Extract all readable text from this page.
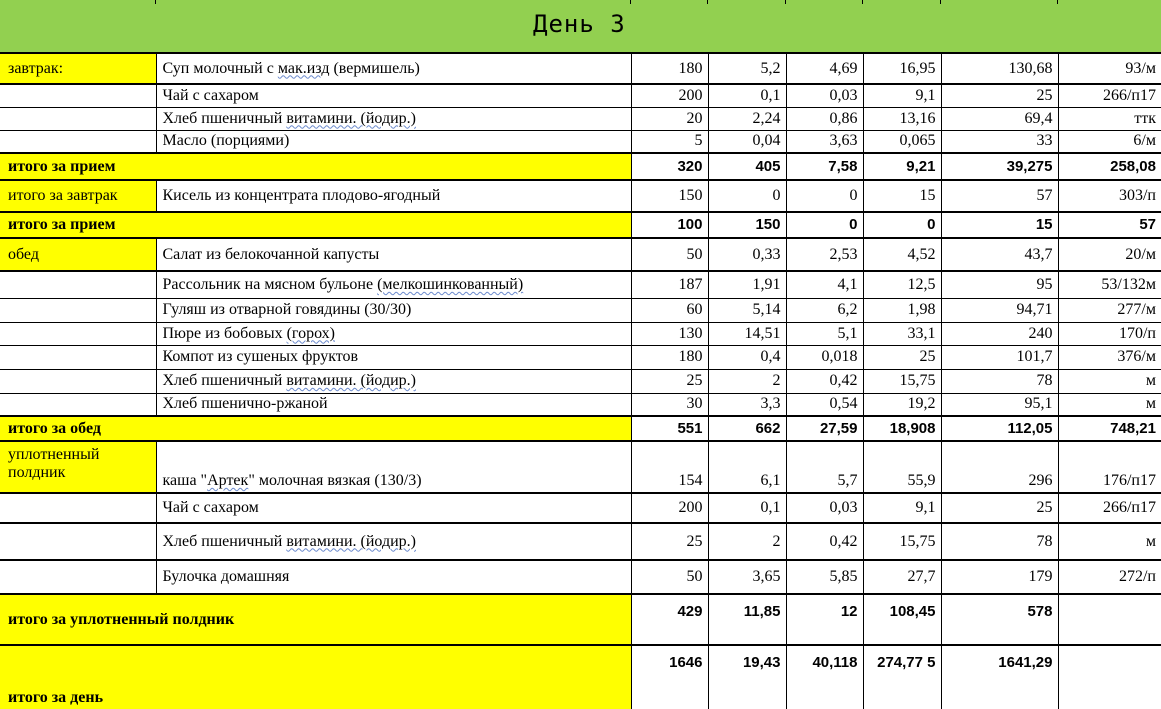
День 3
завтрак:	Суп молочный с мак.изд (вермишель)	180	5,2	4,69	16,95	130,68	93/м
	Чай с сахаром	200	0,1	0,03	9,1	25	266/п17
	Хлеб пшеничный витамини. (йодир.)	20	2,24	0,86	13,16	69,4	ттк
	Масло (порциями)	5	0,04	3,63	0,065	33	6/м
итого за прием		320	405	7,58	9,21	39,275	258,08
итого за завтрак	Кисель из концентрата плодово-ягодный	150	0	0	15	57	303/п
итого за прием		100	150	0	0	15	57
обед	Салат из белокочанной капусты	50	0,33	2,53	4,52	43,7	20/м
	Рассольник на мясном бульоне (мелкошинкованный)	187	1,91	4,1	12,5	95	53/132м
	Гуляш из отварной говядины (30/30)	60	5,14	6,2	1,98	94,71	277/м
	Пюре из бобовых (горох)	130	14,51	5,1	33,1	240	170/п
	Компот из сушеных фруктов	180	0,4	0,018	25	101,7	376/м
	Хлеб пшеничный витамини. (йодир.)	25	2	0,42	15,75	78	м
	Хлеб пшенично-ржаной	30	3,3	0,54	19,2	95,1	м
итого за обед		551	662	27,59	18,908	112,05	748,21
уплотненный полдник	каша "Артек" молочная вязкая (130/3)	154	6,1	5,7	55,9	296	176/п17
	Чай с сахаром	200	0,1	0,03	9,1	25	266/п17
	Хлеб пшеничный витамини. (йодир.)	25	2	0,42	15,75	78	м
	Булочка домашняя	50	3,65	5,85	27,7	179	272/п
итого за уплотненный полдник		429	11,85	12	108,45	578	
итого за день		1646	19,43	40,118	274,77 5	1641,29	
